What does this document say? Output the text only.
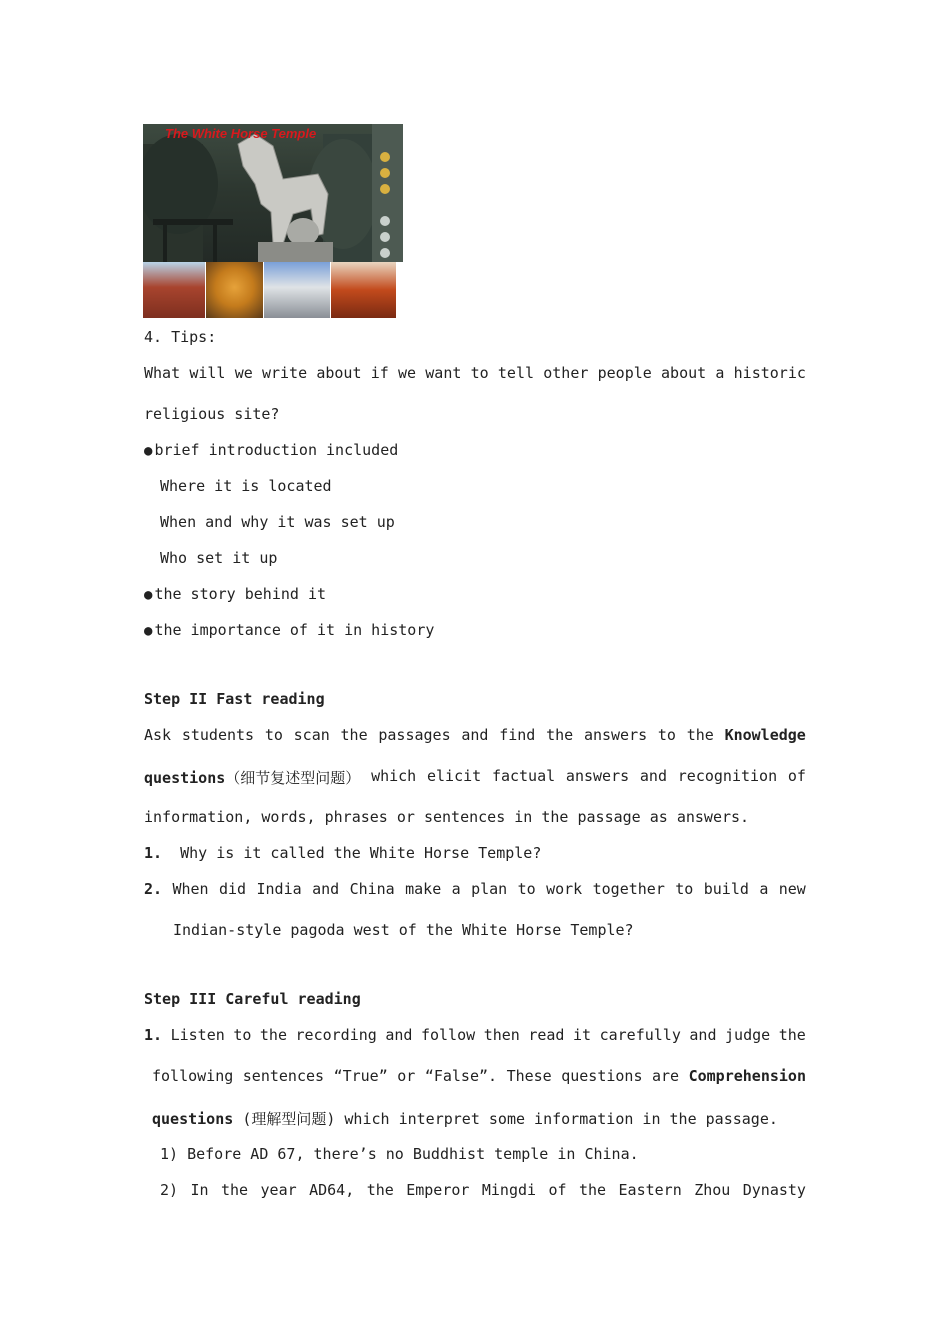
The White Horse Temple
4. Tips:
What will we write about if we want to tell other people about a historic
religious site?
● brief introduction included
Where it is located
When and why it was set up
Who set it up
● the story behind it
● the importance of it in history
Step II Fast reading
Ask students to scan the passages and find the answers to the Knowledge
questions（细节复述型问题） which elicit factual answers and recognition of
information, words, phrases or sentences in the passage as answers.
1. Why is it called the White Horse Temple?
2. When did India and China make a plan to work together to build a new
Indian-style pagoda west of the White Horse Temple?
Step III Careful reading
1. Listen to the recording and follow then read it carefully and judge the
following sentences “True” or “False”. These questions are Comprehension
questions (理解型问题) which interpret some information in the passage.
1) Before AD 67, there’s no Buddhist temple in China.
2) In the year AD64, the Emperor Mingdi of the Eastern Zhou Dynasty
